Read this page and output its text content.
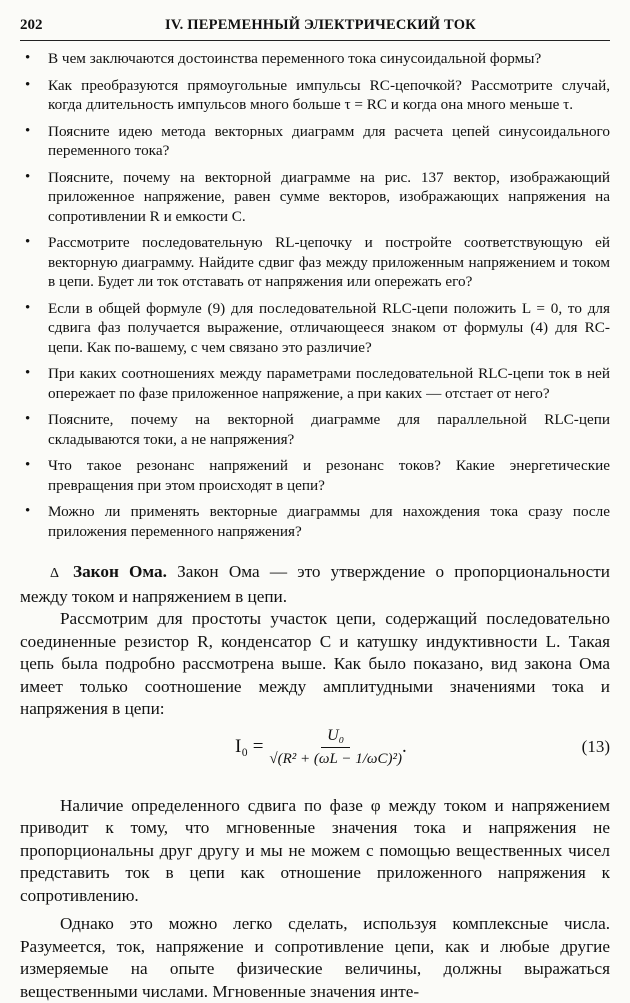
202	IV. ПЕРЕМЕННЫЙ ЭЛЕКТРИЧЕСКИЙ ТОК
• В чем заключаются достоинства переменного тока синусоидальной формы?
• Как преобразуются прямоугольные импульсы RC-цепочкой? Рассмотрите случай, когда длительность импульсов много больше τ = RC и когда она много меньше τ.
• Поясните идею метода векторных диаграмм для расчета цепей синусоидального переменного тока?
• Поясните, почему на векторной диаграмме на рис. 137 вектор, изображающий приложенное напряжение, равен сумме векторов, изображающих напряжения на сопротивлении R и емкости C.
• Рассмотрите последовательную RL-цепочку и постройте соответствующую ей векторную диаграмму. Найдите сдвиг фаз между приложенным напряжением и током в цепи. Будет ли ток отставать от напряжения или опережать его?
• Если в общей формуле (9) для последовательной RLC-цепи положить L = 0, то для сдвига фаз получается выражение, отличающееся знаком от формулы (4) для RC-цепи. Как по-вашему, с чем связано это различие?
• При каких соотношениях между параметрами последовательной RLC-цепи ток в ней опережает по фазе приложенное напряжение, а при каких — отстает от него?
• Поясните, почему на векторной диаграмме для параллельной RLC-цепи складываются токи, а не напряжения?
• Что такое резонанс напряжений и резонанс токов? Какие энергетические превращения при этом происходят в цепи?
• Можно ли применять векторные диаграммы для нахождения тока сразу после приложения переменного напряжения?

Δ Закон Ома. Закон Ома — это утверждение о пропорциональности между током и напряжением в цепи.

Рассмотрим для простоты участок цепи, содержащий последовательно соединенные резистор R, конденсатор C и катушку индуктивности L. Такая цепь была подробно рассмотрена выше. Как было показано, вид закона Ома имеет только соотношение между амплитудными значениями тока и напряжения в цепи:

$I_0 = \frac{\text{U₀}}{\text{√(R² + (ωL − 1/ωC)²)}}$ .	(13)

Наличие определенного сдвига по фазе φ между током и напряжением приводит к тому, что мгновенные значения тока и напряжения не пропорциональны друг другу и мы не можем с помощью вещественных чисел представить ток в цепи как отношение приложенного напряжения к сопротивлению.

Однако это можно легко сделать, используя комплексные числа. Разумеется, ток, напряжение и сопротивление цепи, как и любые другие измеряемые на опыте физические величины, должны выражаться вещественными числами. Мгновенные значения инте-
